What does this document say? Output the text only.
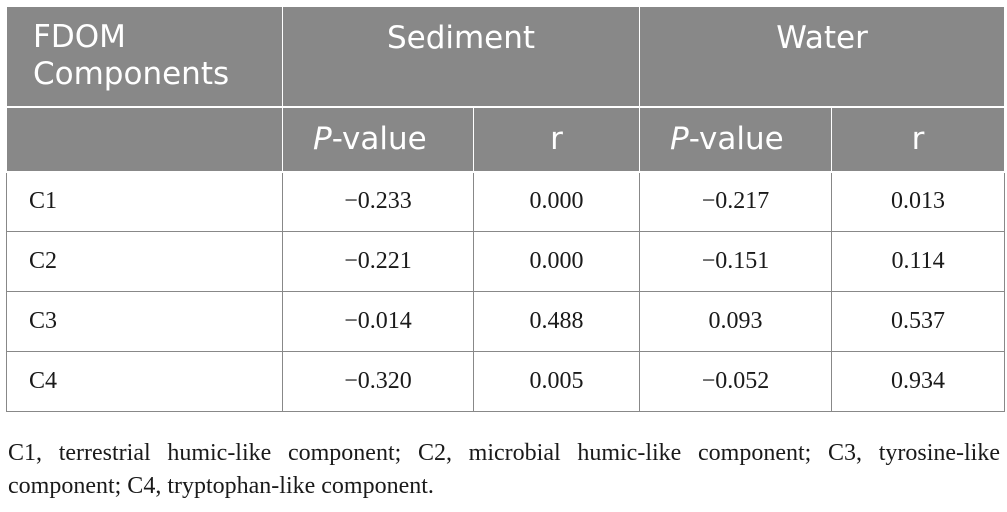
FDOM Components	Sediment		Water	
	P-value	r	P-value	r
C1	−0.233	0.000	−0.217	0.013
C2	−0.221	0.000	−0.151	0.114
C3	−0.014	0.488	0.093	0.537
C4	−0.320	0.005	−0.052	0.934

C1, terrestrial humic-like component; C2, microbial humic-like component; C3, tyrosine-like component; C4, tryptophan-like component.
